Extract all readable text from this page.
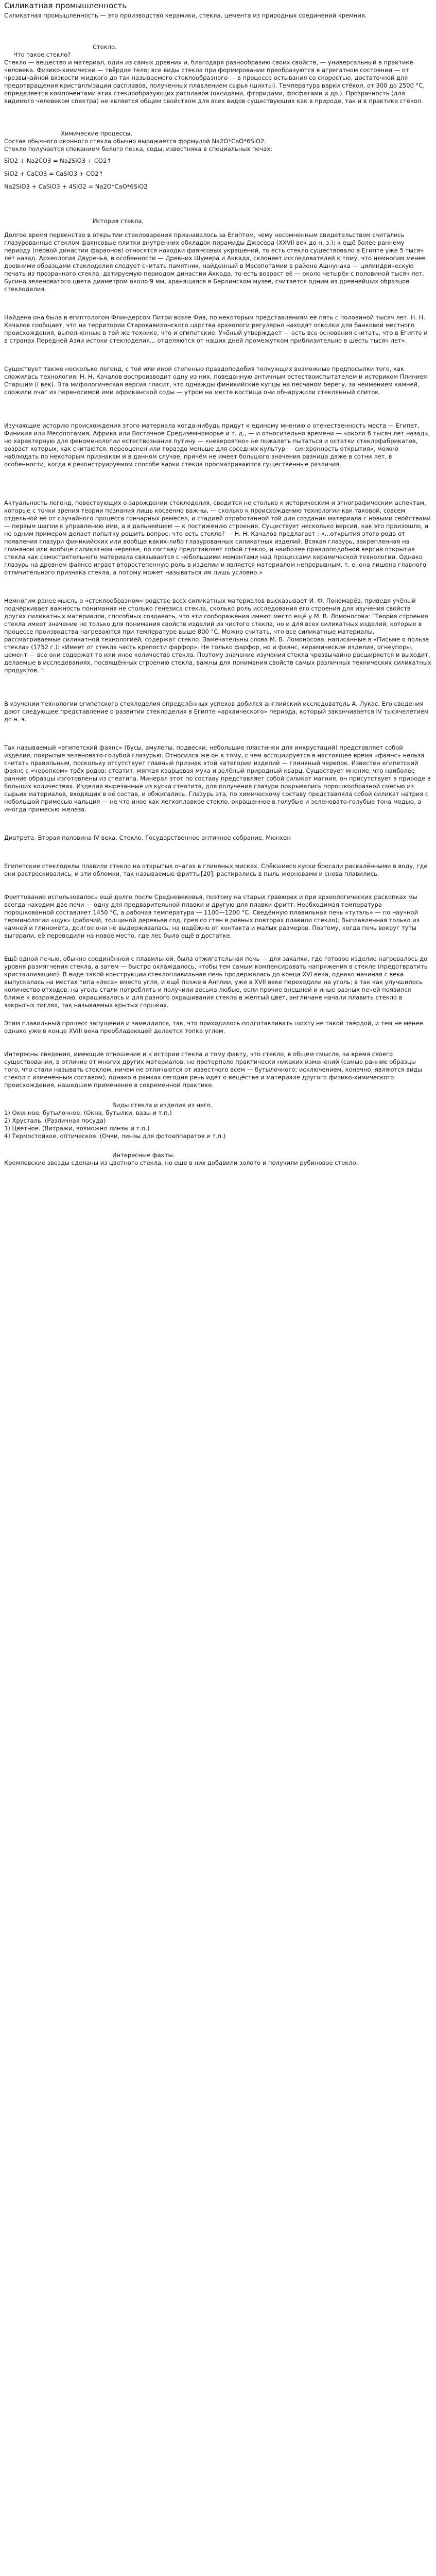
Силикатная промышленность

Силикатная промышленность — это производство керамики, стекла, цемента из природных соединений кремния.

Стекло.

Что такое стекло?

Стекло — вещество и материал, один из самых древних и, благодаря разнообразию своих свойств, — универсальный в практике человека. Физико-химически — твёрдое тело; все виды стекла при формировании преобразуются в агрегатном состоянии — от чрезвычайной вязкости жидкого до так называемого стеклообразного — в процессе остывания со скоростью, достаточной для предотвращения кристаллизации расплавов, полученных плавлением сырья (шихты). Температура варки стёкол, от 300 до 2500 °C, определяется компонентами этих стеклообразующих расплавов (оксидами, фторидами, фосфатами и др.). Прозрачность (для видимого человеком спектра) не является общим свойством для всех видов существующих как в природе, так и в практике стёкол.

Химические процессы.

Состав обычного оконного стекла обычно выражается формулой Na2O*CaO*6SiO2.
Стекло получается спеканием белого песка, соды, известняка в специальных печах:

SiO2 + Na2CO3 = Na2SiO3 + CO2↑

SiO2 + CaCO3 = CaSiO3 + CO2↑

Na2SiO3 + CaSiO3 + 4SiO2 = Na2O*CaO*6SiO2

История стекла.

Долгое время первенство в открытии стекловарения признавалось за Египтом, чему несомненным свидетельством считались глазурованные стеклом фаянсовые плитки внутренних обкладок пирамиды Джосера (XXVII век до н. э.); к ещё более раннему периоду (первой династии фараонов) относятся находки фаянсовых украшений, то есть стекло существовало в Египте уже 5 тысяч лет назад. Археология Двуречья, в особенности — Древних Шумера и Аккада, склоняет исследователей к тому, что немногим менее древними образцами стеклоделия следует считать памятник, найденный в Месопотамии в районе Ашнунака — цилиндрическую печать из прозрачного стекла, датируемую периодом династии Аккада, то есть возраст её — около четырёх с половиной тысяч лет. Бусина зеленоватого цвета диаметром около 9 мм, хранящаяся в Берлинском музее, считается одним из древнейших образцов стеклоделия.

Найдена она была в египтологом Флиндерсом Питри возле Фив, по некоторым представлениям её пять с половиной тысяч лет. Н. Н. Качалов сообщает, что на территории Старовавилонского царства археологи регулярно находят осколки для банковой местного происхождения, выполненные в той же технике, что и египетские. Учёный утверждает — есть все основания считать, что в Египте и в странах Передней Азии истоки стеклоделия... отделяются от наших дней промежутком приблизительно в шесть тысяч лет».

Существует также несколько легенд, с той или иной степенью правдоподобия толкующих возможные предпосылки того, как сложилась технология. Н. Н. Качалов воспроизводит одну из них, поведанную античным естествоиспытателем и историком Плинием Старшим (I век). Эта мифологическая версия гласит, что однажды финикийские купцы на песчаном берегу, за неимением камней, сложили очаг из переносимой ими африканской соды — утром на месте костища они обнаружили стеклянный слиток.

Изучающие историю происхождения этого материала когда-нибудь придут к единому мнению о отечественность места — Египет, Финикия или Месопотамия, Африка или Восточное Средиземноморье и т. д., — и относительно времени — «около 6 тысяч лет назад», но характерную для феноменологии естествознания путину — «невероятно» не пожалеть пытаться и остатки стеклофабрикатов, возраст которых, как считаются, переоценен или гораздо меньше для соседних культур — синхронность открытия», можно наблюдать по некоторым признакам и в данном случае, причём не имеет большого значения разница даже в сотни лет, в особенности, когда в реконструируемом способе варки стекла просматриваются существенные различия.

Актуальность легенд, повествующих о зарождении стеклоделия, сводится не столько к историческим и этнографическим аспектам, которые с точки зрения теории познания лишь косвенно важны, — сколько к происхождению технологии как таковой, совсем отдельной её от случайного процесса гончарных ремёсел, и стадией отработанной той для создания материала с новыми свойствами — первым шагом к управлению ими, а в дальнейшем — к постижению строения. Существует несколько версий, как это произошло, и не одним примером делает попытку решить вопрос: что есть стекло? — Н. Н. Качалов предлагает : «...открытия этого рода от появления глазури финикийских или вообще каких-либо глазурованных силикатных изделий. Всякая глазурь, закрепленная на глиняном или вообще силикатном черепке, по составу представляет собой стекло, и наиболее правдоподобной версия открытия стекла как самостоятельного материала связывается с небольшими моментами над процессами керамической технологии. Однако глазурь на древнем фаянсе играет второстепенную роль в изделии и является материалом непрерывным, т. е. она лишена главного отличительного признака стекла, а потому может называться им лишь условно.»

Немногим ранее мысль о «стеклообразном» родстве всех силикатных материалов высказывает И. Ф. Пономарёв, приведя учёный подчёркивает важность понимания не столько генезиса стекла, сколько роль исследования его строения для изучения свойств других силикатных материалов, способных создавать, что эти сооборажения имеют место ещё у М. В. Ломоносова: “Теория строения стекла имеет значение не только для понимания свойств изделий из чистого стекла, но и для всех силикатных изделий, которые в процессе производства нагреваются при температуре выше 800 °C. Можно считать, что все силикатные материалы, рассматриваемые силикатной технологией, содержат стекло. Замечательны слова М. В. Ломоносова, написанные в «Письме о пользе стекла» (1752 г.): «Имеет от стекла часть крепости фарфор». Не только фарфор, но и фаянс, керамические изделия, огнеупоры, цемент — все они содержат то или иное количество стекла. Поэтому значение изучения стекла чрезвычайно расширяется и выходит, делаемые в исследованиях, посвящённых строению стекла, важны для понимания свойств самых различных технических силикатных продуктов. ”

В изучении технологии египетского стеклоделия определённых успехов добился английский исследователь А. Лукас. Его сведения дают следующее представление о развитии стеклоделия в Египте «архаического» периода, который заканчивается IV тысячелетием до н. э.

Так называемый «египетский фаянс» (бусы, амулеты, подвески, небольшие пластинки для инкрустаций) представляет собой изделия, покрытые зеленовато-голубой глазурью. Относился же он к тому, с чем ассоциируется в настоящее время «фаянс» нельзя считать правильным, поскольку отсутствует главный признак этой категории изделий — глиняный черепок. Известен египетский фаянс с «черепком» трёх родов: стеатит, мягкая кварцевая мука и зелёный природный кварц. Существует мнение, что наиболее ранние образцы изготовлены из стеатита. Минерал этот по составу представляет собой силикат магния, он присутствует в природе в больших количествах. Изделия вырезанные из куска стеатита, для получения глазури покрывались порошкообразной смесью из сырьих материалов, входящих в её состав, и обжигались. Глазурь эта, по химическому составу представляла собой силикат натрия с небольшой примесью кальция — не что иное как легкоплавкое стекло, окрашенное в голубые и зеленовато-голубые тона медью, а иногда примесью железа.

Диатрета. Вторая половина IV века. Стекло. Государственное античное собрание. Мюнхен

Египетские стеклоделы плавили стекло на открытых очагах в глиняных мисках. Спёкшиеся куски бросали раскалёнными в воду, где они растрескивались, и эти обломки, так называемые фритты[20], растирались в пыль жерновами и снова плавились.

Фриттование использовалось ещё долго после Средневековья, поэтому на старых гравюрах и при археологических раскопках мы всегда находим две печи — одну для предварительной плавки и другую для плавки фритт. Необходимая температура порошкованной составляет 1450 °C, а рабочая температура — 1100—1200 °C. Сведённую плавильная печь «тутэль» — по научной терминологии «щук» (рабочий, толщиной деревьев сод, грея со стен в ровных повторах плавили стекло). Выплавленная только из камней и глиномёта, долгое они не выдерживалась, на надёжно от контакта и малых размеров. Поэтому, когда печь вокруг туты выгорали, её переводили на новое место, где лес было ещё в достатке.

Ещё одной печью, обычно соединённой с плавильной, была отжигательная печь — для закалки, где готовое изделие нагревалось до уровня размягчения стекла, а затем — быстро охлаждалось, чтобы тем самым компенсировать напряжения в стекле (предотвратить кристаллизацию). В виде такой конструкции стеклоплавильная печь продержалась до конца XVI века, однако начиная с века выпускалась на местах типа «леса» вместо угля, и ещё позже в Англии, уже в XVII веке переходили на уголь; в так как улучшилось количество отходов, на уголь стали потреблять и получили весьма любые, если прочие внешней и иные разных печей появился ближе к возрождению, окрашивалось и для разного окрашивания стекла в жёлтый цвет, англичане начали плавить стекло в закрытых тиглях, так называемых крытых горшках.

Этим плавильный процесс запущения и замедлился, так, что приходилось подготавливать шихту не такой твёрдой, и тем не менее однако уже в конце XVIII века преобладающей делается топка углем.

Интересны сведения, имеющие отношение и к истории стекла и тому факту, что стекло, в общем смысле, за время своего существования, в отличие от многих других материалов, не претерпело практически никаких изменений (самые ранние образцы того, что стали называть стеклом, ничем не отличаются от известного всем — бутылочного; исключением, конечно, являются виды стёкол с изменённым составом), однако в рамках сегодня речь идёт о вещёстве и материале другого физико-химического происхождения, нашедшем применение в современной практике.

Виды стекла и изделия из него.

1) Оконное, бутылочное. (Окна, бутылки, вазы и т.п.)

2) Хрусталь. (Различная посуда)

3) Цветное. (Витражи, возможно линзы и т.п.)

4) Термостойкое, оптическое. (Очки, линзы для фотоаппаратов и т.п.)

Интересные факты.

Кремлевские звезды сделаны из цветного стекла, но еще в них добавили золото и получили рубиновое стекло.
